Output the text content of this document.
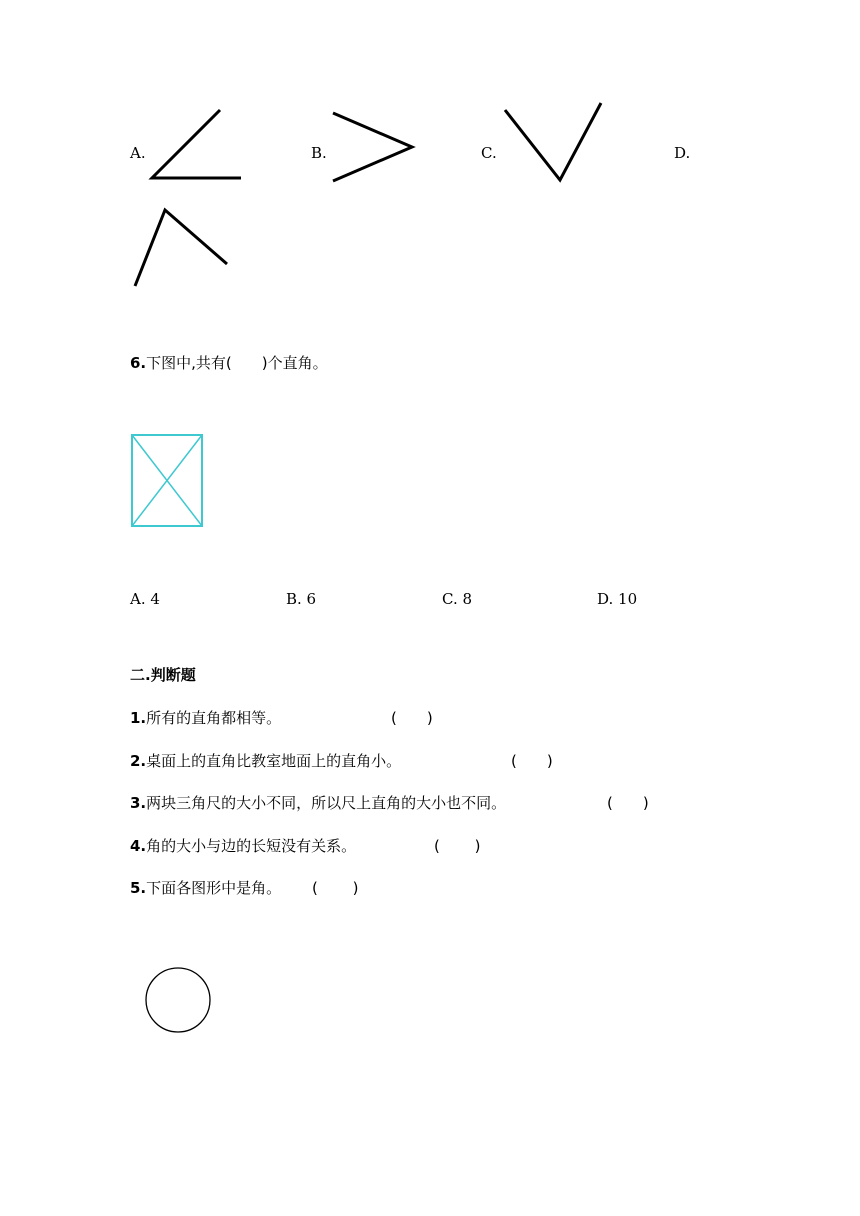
A.	B.	C.	D.
6.下图中,共有(　　)个直角。
A. 4	B. 6	C. 8	D. 10
二.判断题
1.所有的直角都相等。	(　　)
2.桌面上的直角比教室地面上的直角小。	(　　)
3.两块三角尺的大小不同，所以尺上直角的大小也不同。	(　　)
4.角的大小与边的长短没有关系。	(　　 )
5.下面各图形中是角。 (　　 )
